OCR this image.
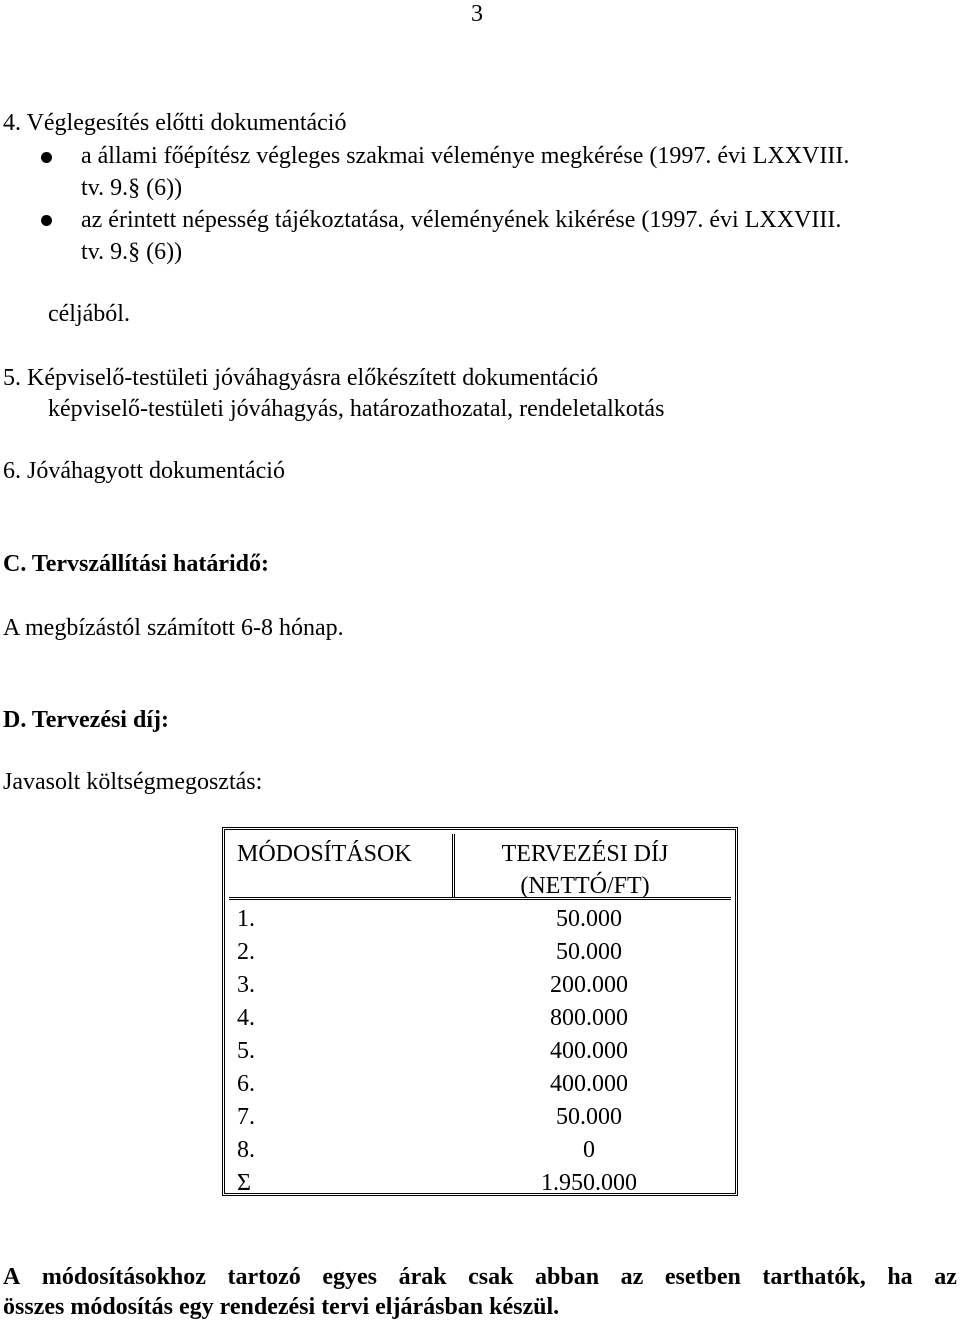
3
4. Véglegesítés előtti dokumentáció
a állami főépítész végleges szakmai véleménye megkérése (1997. évi LXXVIII.
tv. 9.§ (6))
az érintett népesség tájékoztatása, véleményének kikérése (1997. évi LXXVIII.
tv. 9.§ (6))
céljából.
5. Képviselő-testületi jóváhagyásra előkészített dokumentáció
képviselő-testületi jóváhagyás, határozathozatal, rendeletalkotás
6. Jóváhagyott dokumentáció
C. Tervszállítási határidő:
A megbízástól számított 6-8 hónap.
D. Tervezési díj:
Javasolt költségmegosztás:
MÓDOSÍTÁSOK	TERVEZÉSI DÍJ
(NETTÓ/FT)
1.	50.000
2.	50.000
3.	200.000
4.	800.000
5.	400.000
6.	400.000
7.	50.000
8.	0
Σ	1.950.000
A módosításokhoz tartozó egyes árak csak abban az esetben tarthatók, ha az
összes módosítás egy rendezési tervi eljárásban készül.
